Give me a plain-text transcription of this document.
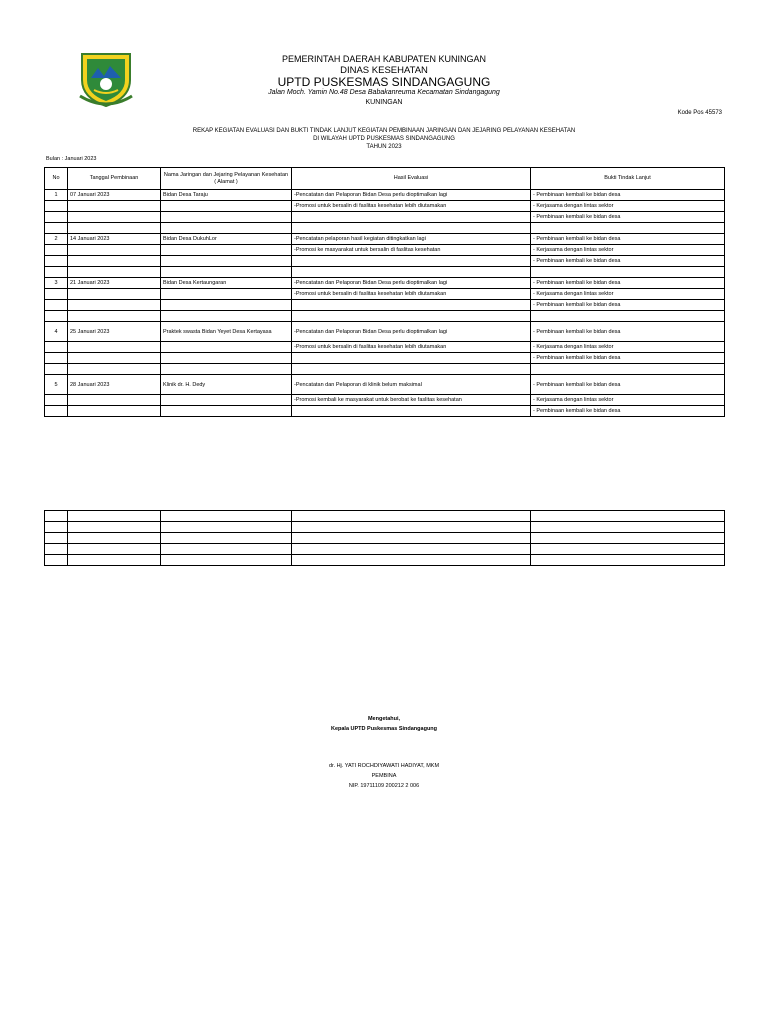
PEMERINTAH DAERAH KABUPATEN KUNINGAN
DINAS KESEHATAN
UPTD PUSKESMAS SINDANGAGUNG
Jalan Moch. Yamin No.48 Desa Babakanreuma Kecamatan Sindangagung
KUNINGAN
Kode Pos 45573
REKAP KEGIATAN EVALUASI DAN BUKTI TINDAK LANJUT KEGIATAN PEMBINAAN JARINGAN DAN JEJARING PELAYANAN KESEHATAN
DI WILAYAH UPTD PUSKESMAS SINDANGAGUNG
TAHUN 2023
Bulan : Januari 2023
No	Tanggal Pembinaan	Nama Jaringan dan Jejaring Pelayanan Kesehatan ( Alamat )	Hasil Evaluasi	Bukti Tindak Lanjut
1	07 Januari 2023	Bidan Desa Taraju	-Pencatatan dan Pelaporan Bidan Desa perlu dioptimalkan lagi	- Pembinaan kembali ke bidan desa
			-Promosi untuk bersalin di faslitas kesehatan lebih diutamakan	- Kerjasama dengan lintas sektor
				- Pembinaan kembali ke bidan desa

2	14 Januari 2023	Bidan Desa DukuhLor	-Pencatatan pelaporan hasil kegiatan ditingkatkan lagi	- Pembinaan kembali ke bidan desa
			-Promosi ke masyarakat untuk bersalin di faslitas kesehatan	- Kerjasama dengan lintas sektor
				- Pembinaan kembali ke bidan desa

3	21 Januari 2023	Bidan Desa Kertaungaran	-Pencatatan dan Pelaporan Bidan Desa perlu dioptimalkan lagi	- Pembinaan kembali ke bidan desa
			-Promosi untuk bersalin di faslitas kesehatan lebih diutamakan	- Kerjasama dengan lintas sektor
				- Pembinaan kembali ke bidan desa

4	25 Januari 2023	Praktek swasta Bidan Yeyet Desa Kertayasa	-Pencatatan dan Pelaporan Bidan Desa perlu dioptimalkan lagi	- Pembinaan kembali ke bidan desa
			-Promosi untuk bersalin di faslitas kesehatan lebih diutamakan	- Kerjasama dengan lintas sektor
				- Pembinaan kembali ke bidan desa

5	28 Januari 2023	Klinik dr. H. Dedy	-Pencatatan dan Pelaporan di klinik belum maksimal	- Pembinaan kembali ke bidan desa
			-Promosi kembali ke masyarakat untuk berobat ke faslitas kesehatan	- Kerjasama dengan lintas sektor
				- Pembinaan kembali ke bidan desa

Mengetahui,
Kepala UPTD Puskesmas Sindangagung
dr. Hj. YATI ROCHDIYAWATI HADIYAT, MKM
PEMBINA
NIP. 19711109 200212 2 006
